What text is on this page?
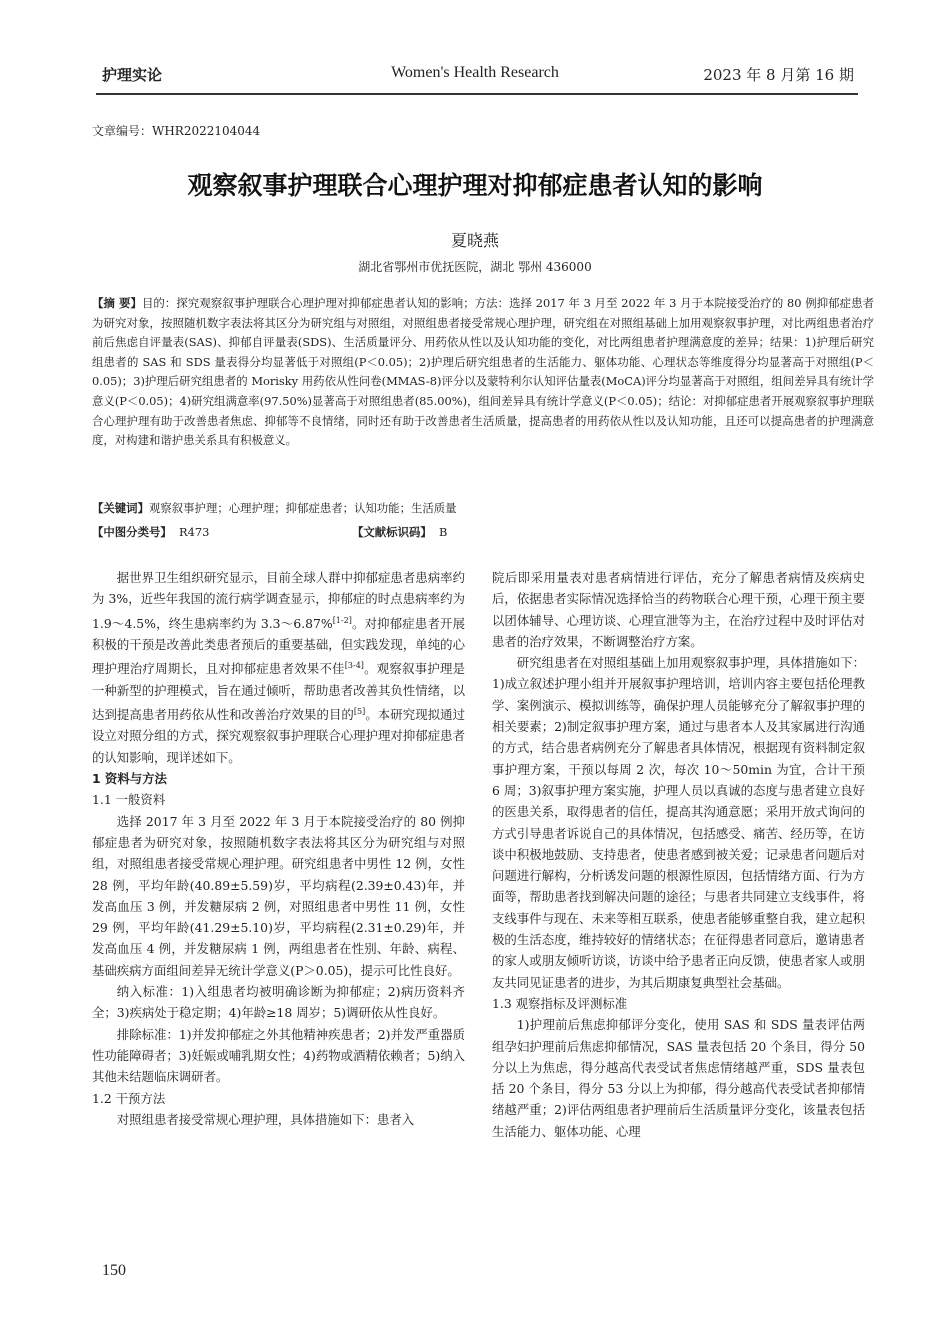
护理实论	Women's Health Research	2023 年 8 月第 16 期
文章编号：WHR2022104044
观察叙事护理联合心理护理对抑郁症患者认知的影响
夏晓燕
湖北省鄂州市优抚医院，湖北 鄂州 436000
【摘 要】目的：探究观察叙事护理联合心理护理对抑郁症患者认知的影响；方法：选择 2017 年 3 月至 2022 年 3 月于本院接受治疗的 80 例抑郁症患者为研究对象，按照随机数字表法将其区分为研究组与对照组，对照组患者接受常规心理护理，研究组在对照组基础上加用观察叙事护理，对比两组患者治疗前后焦虑自评量表(SAS)、抑郁自评量表(SDS)、生活质量评分、用药依从性以及认知功能的变化，对比两组患者护理满意度的差异；结果：1)护理后研究组患者的 SAS 和 SDS 量表得分均显著低于对照组(P＜0.05)；2)护理后研究组患者的生活能力、躯体功能、心理状态等维度得分均显著高于对照组(P＜0.05)；3)护理后研究组患者的 Morisky 用药依从性问卷(MMAS-8)评分以及蒙特利尔认知评估量表(MoCA)评分均显著高于对照组，组间差异具有统计学意义(P＜0.05)；4)研究组满意率(97.50%)显著高于对照组患者(85.00%)，组间差异具有统计学意义(P＜0.05)；结论：对抑郁症患者开展观察叙事护理联合心理护理有助于改善患者焦虑、抑郁等不良情绪，同时还有助于改善患者生活质量，提高患者的用药依从性以及认知功能，且还可以提高患者的护理满意度，对构建和谐护患关系具有积极意义。
【关键词】观察叙事护理；心理护理；抑郁症患者；认知功能；生活质量
【中图分类号】 R473	【文献标识码】 B

据世界卫生组织研究显示，目前全球人群中抑郁症患者患病率约为 3%，近些年我国的流行病学调查显示，抑郁症的时点患病率约为 1.9～4.5%，终生患病率约为 3.3～6.87%[1-2]。对抑郁症患者开展积极的干预是改善此类患者预后的重要基础，但实践发现，单纯的心理护理治疗周期长，且对抑郁症患者效果不佳[3-4]。观察叙事护理是一种新型的护理模式，旨在通过倾听，帮助患者改善其负性情绪，以达到提高患者用药依从性和改善治疗效果的目的[5]。本研究现拟通过设立对照分组的方式，探究观察叙事护理联合心理护理对抑郁症患者的认知影响，现详述如下。

1 资料与方法
1.1 一般资料

选择 2017 年 3 月至 2022 年 3 月于本院接受治疗的 80 例抑郁症患者为研究对象，按照随机数字表法将其区分为研究组与对照组，对照组患者接受常规心理护理。研究组患者中男性 12 例，女性 28 例，平均年龄(40.89±5.59)岁，平均病程(2.39±0.43)年，并发高血压 3 例，并发糖尿病 2 例，对照组患者中男性 11 例，女性 29 例，平均年龄(41.29±5.10)岁，平均病程(2.31±0.29)年，并发高血压 4 例，并发糖尿病 1 例，两组患者在性别、年龄、病程、基础疾病方面组间差异无统计学意义(P＞0.05)，提示可比性良好。

纳入标准：1)入组患者均被明确诊断为抑郁症；2)病历资料齐全；3)疾病处于稳定期；4)年龄≥18 周岁；5)调研依从性良好。

排除标准：1)并发抑郁症之外其他精神疾患者；2)并发严重器质性功能障碍者；3)妊娠或哺乳期女性；4)药物或酒精依赖者；5)纳入其他未结题临床调研者。

1.2 干预方法

对照组患者接受常规心理护理，具体措施如下：患者入

院后即采用量表对患者病情进行评估，充分了解患者病情及疾病史后，依据患者实际情况选择恰当的药物联合心理干预，心理干预主要以团体辅导、心理访谈、心理宣泄等为主，在治疗过程中及时评估对患者的治疗效果，不断调整治疗方案。

研究组患者在对照组基础上加用观察叙事护理，具体措施如下：1)成立叙述护理小组并开展叙事护理培训，培训内容主要包括伦理教学、案例演示、模拟训练等，确保护理人员能够充分了解叙事护理的相关要素；2)制定叙事护理方案，通过与患者本人及其家属进行沟通的方式，结合患者病例充分了解患者具体情况，根据现有资料制定叙事护理方案，干预以每周 2 次，每次 10～50min 为宜，合计干预 6 周；3)叙事护理方案实施，护理人员以真诚的态度与患者建立良好的医患关系，取得患者的信任，提高其沟通意愿；采用开放式询问的方式引导患者诉说自己的具体情况，包括感受、痛苦、经历等，在访谈中积极地鼓励、支持患者，使患者感到被关爱；记录患者问题后对问题进行解构，分析诱发问题的根源性原因，包括情绪方面、行为方面等，帮助患者找到解决问题的途径；与患者共同建立支线事件，将支线事件与现在、未来等相互联系，使患者能够重整自我，建立起积极的生活态度，维持较好的情绪状态；在征得患者同意后，邀请患者的家人或朋友倾听访谈，访谈中给予患者正向反馈，使患者家人或朋友共同见证患者的进步，为其后期康复典型社会基础。

1.3 观察指标及评测标准

1)护理前后焦虑抑郁评分变化，使用 SAS 和 SDS 量表评估两组孕妇护理前后焦虑抑郁情况，SAS 量表包括 20 个条目，得分 50 分以上为焦虑，得分越高代表受试者焦虑情绪越严重，SDS 量表包括 20 个条目，得分 53 分以上为抑郁，得分越高代表受试者抑郁情绪越严重；2)评估两组患者护理前后生活质量评分变化，该量表包括生活能力、躯体功能、心理

150
